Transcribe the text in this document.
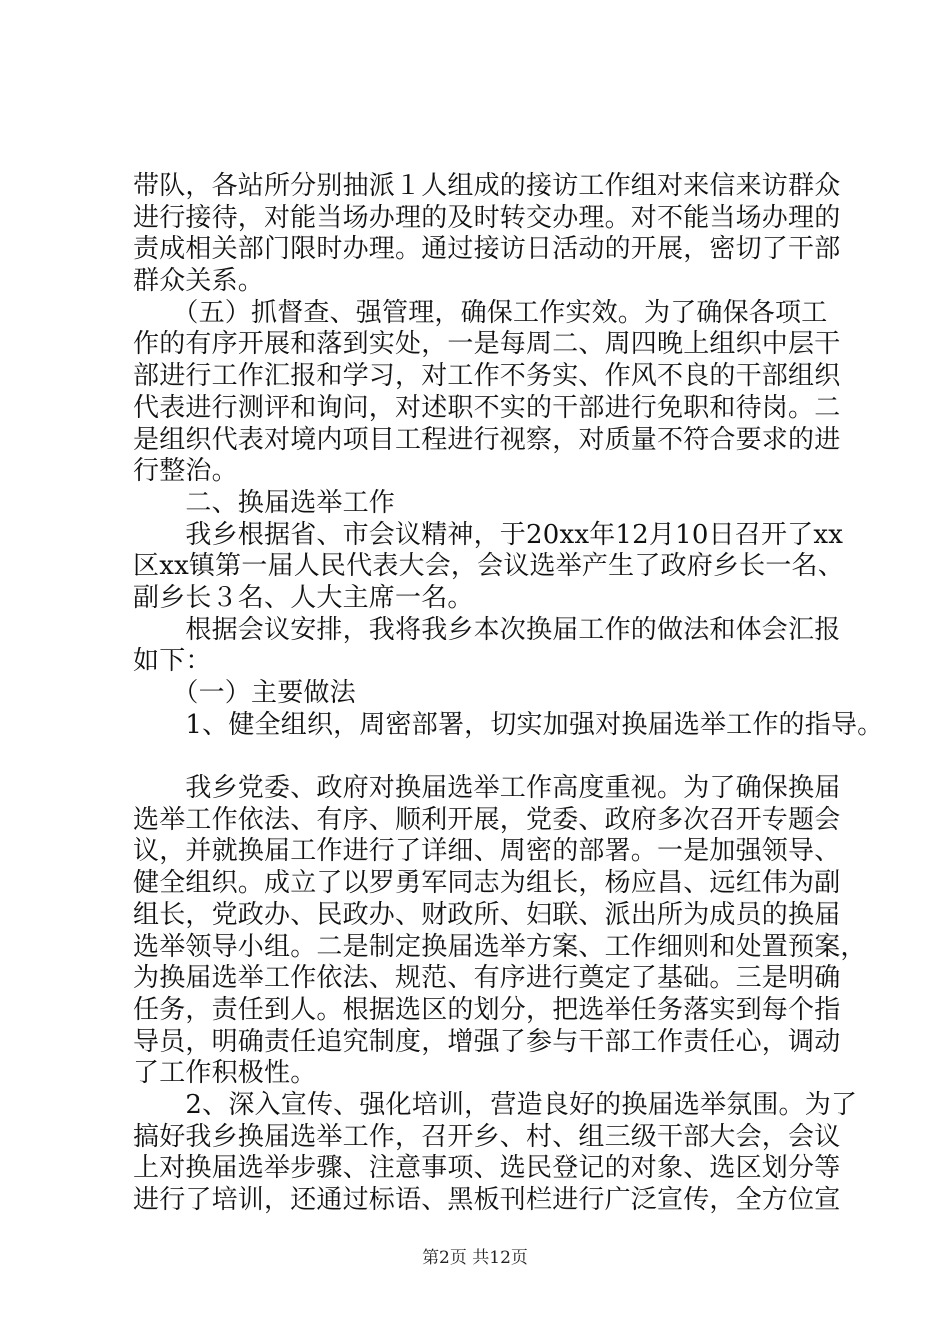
带队，各站所分别抽派１人组成的接访工作组对来信来访群众
进行接待，对能当场办理的及时转交办理。对不能当场办理的
责成相关部门限时办理。通过接访日活动的开展，密切了干部
群众关系。
　　（五）抓督查、强管理，确保工作实效。为了确保各项工
作的有序开展和落到实处，一是每周二、周四晚上组织中层干
部进行工作汇报和学习，对工作不务实、作风不良的干部组织
代表进行测评和询问，对述职不实的干部进行免职和待岗。二
是组织代表对境内项目工程进行视察，对质量不符合要求的进
行整治。
　　二、换届选举工作
　　我乡根据省、市会议精神，于20xx年12月10日召开了xx
区xx镇第一届人民代表大会，会议选举产生了政府乡长一名、
副乡长３名、人大主席一名。
　　根据会议安排，我将我乡本次换届工作的做法和体会汇报
如下：
　　（一）主要做法
　　1、健全组织，周密部署，切实加强对换届选举工作的指导。
　　我乡党委、政府对换届选举工作高度重视。为了确保换届
选举工作依法、有序、顺利开展，党委、政府多次召开专题会
议，并就换届工作进行了详细、周密的部署。一是加强领导、
健全组织。成立了以罗勇军同志为组长，杨应昌、远红伟为副
组长，党政办、民政办、财政所、妇联、派出所为成员的换届
选举领导小组。二是制定换届选举方案、工作细则和处置预案，
为换届选举工作依法、规范、有序进行奠定了基础。三是明确
任务，责任到人。根据选区的划分，把选举任务落实到每个指
导员，明确责任追究制度，增强了参与干部工作责任心，调动
了工作积极性。
　　2、深入宣传、强化培训，营造良好的换届选举氛围。为了
搞好我乡换届选举工作，召开乡、村、组三级干部大会，会议
上对换届选举步骤、注意事项、选民登记的对象、选区划分等
进行了培训，还通过标语、黑板刊栏进行广泛宣传，全方位宣
第2页 共12页
